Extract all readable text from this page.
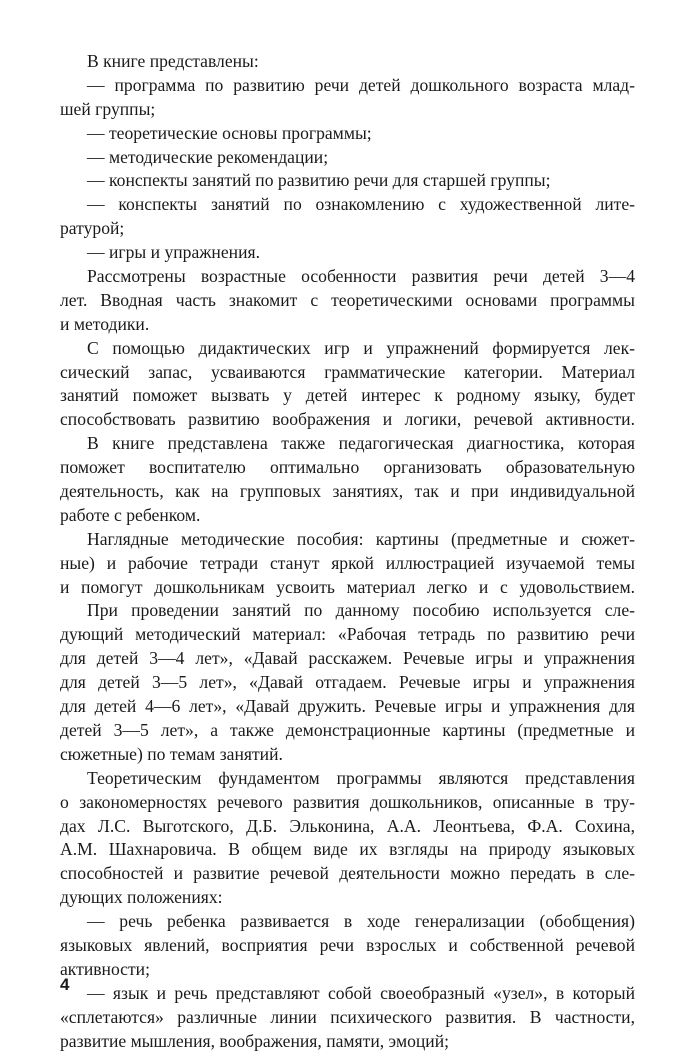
В книге представлены:
— программа по развитию речи детей дошкольного возраста млад-
шей группы;
— теоретические основы программы;
— методические рекомендации;
— конспекты занятий по развитию речи для старшей группы;
— конспекты занятий по ознакомлению с художественной лите-
ратурой;
— игры и упражнения.
Рассмотрены возрастные особенности развития речи детей 3—4
лет. Вводная часть знакомит с теоретическими основами программы
и методики.
С помощью дидактических игр и упражнений формируется лек-
сический запас, усваиваются грамматические категории. Материал
занятий поможет вызвать у детей интерес к родному языку, будет
способствовать развитию воображения и логики, речевой активности.
В книге представлена также педагогическая диагностика, которая
поможет воспитателю оптимально организовать образовательную
деятельность, как на групповых занятиях, так и при индивидуальной
работе с ребенком.
Наглядные методические пособия: картины (предметные и сюжет-
ные) и рабочие тетради станут яркой иллюстрацией изучаемой темы
и помогут дошкольникам усвоить материал легко и с удовольствием.
При проведении занятий по данному пособию используется сле-
дующий методический материал: «Рабочая тетрадь по развитию речи
для детей 3—4 лет», «Давай расскажем. Речевые игры и упражнения
для детей 3—5 лет», «Давай отгадаем. Речевые игры и упражнения
для детей 4—6 лет», «Давай дружить. Речевые игры и упражнения для
детей 3—5 лет», а также демонстрационные картины (предметные и
сюжетные) по темам занятий.
Теоретическим фундаментом программы являются представления
о закономерностях речевого развития дошкольников, описанные в тру-
дах Л.С. Выготского, Д.Б. Эльконина, А.А. Леонтьева, Ф.А. Сохина,
А.М. Шахнаровича. В общем виде их взгляды на природу языковых
способностей и развитие речевой деятельности можно передать в сле-
дующих положениях:
— речь ребенка развивается в ходе генерализации (обобщения)
языковых явлений, восприятия речи взрослых и собственной речевой
активности;
— язык и речь представляют собой своеобразный «узел», в который
«сплетаются» различные линии психического развития. В частности,
развитие мышления, воображения, памяти, эмоций;
4
